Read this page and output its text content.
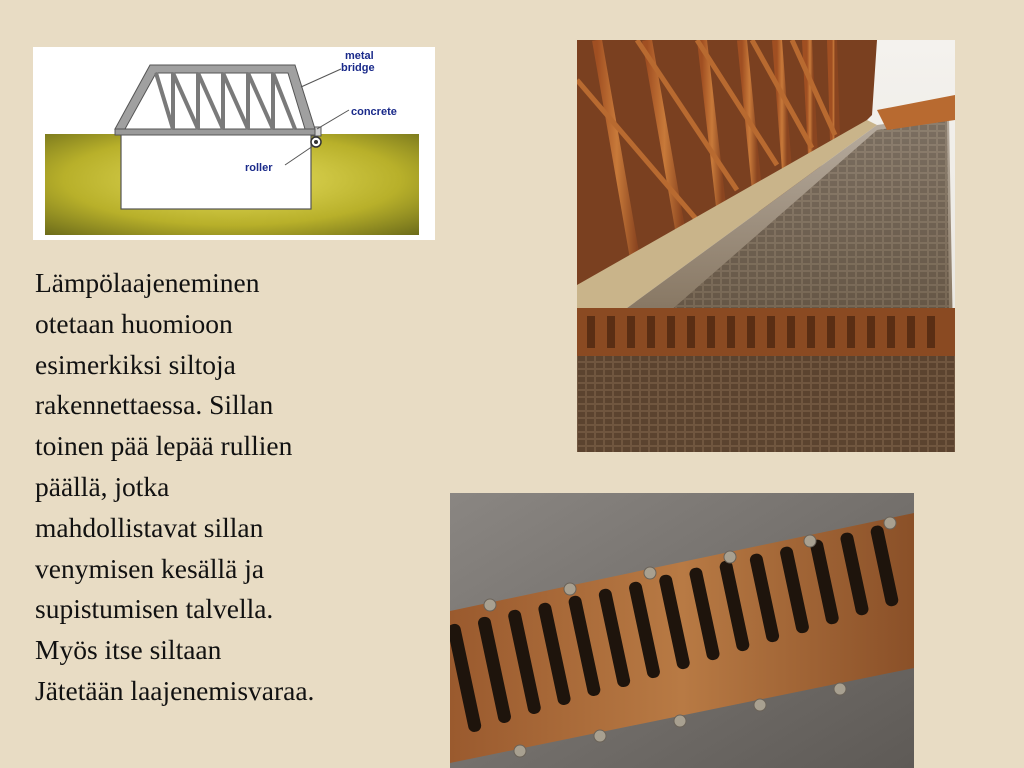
metal
bridge
concrete
roller
Lämpölaajeneminen
otetaan huomioon
esimerkiksi siltoja
rakennettaessa. Sillan
toinen pää lepää rullien
päällä, jotka
mahdollistavat sillan
venymisen kesällä ja
supistumisen talvella.
Myös itse siltaan
Jätetään laajenemisvaraa.
